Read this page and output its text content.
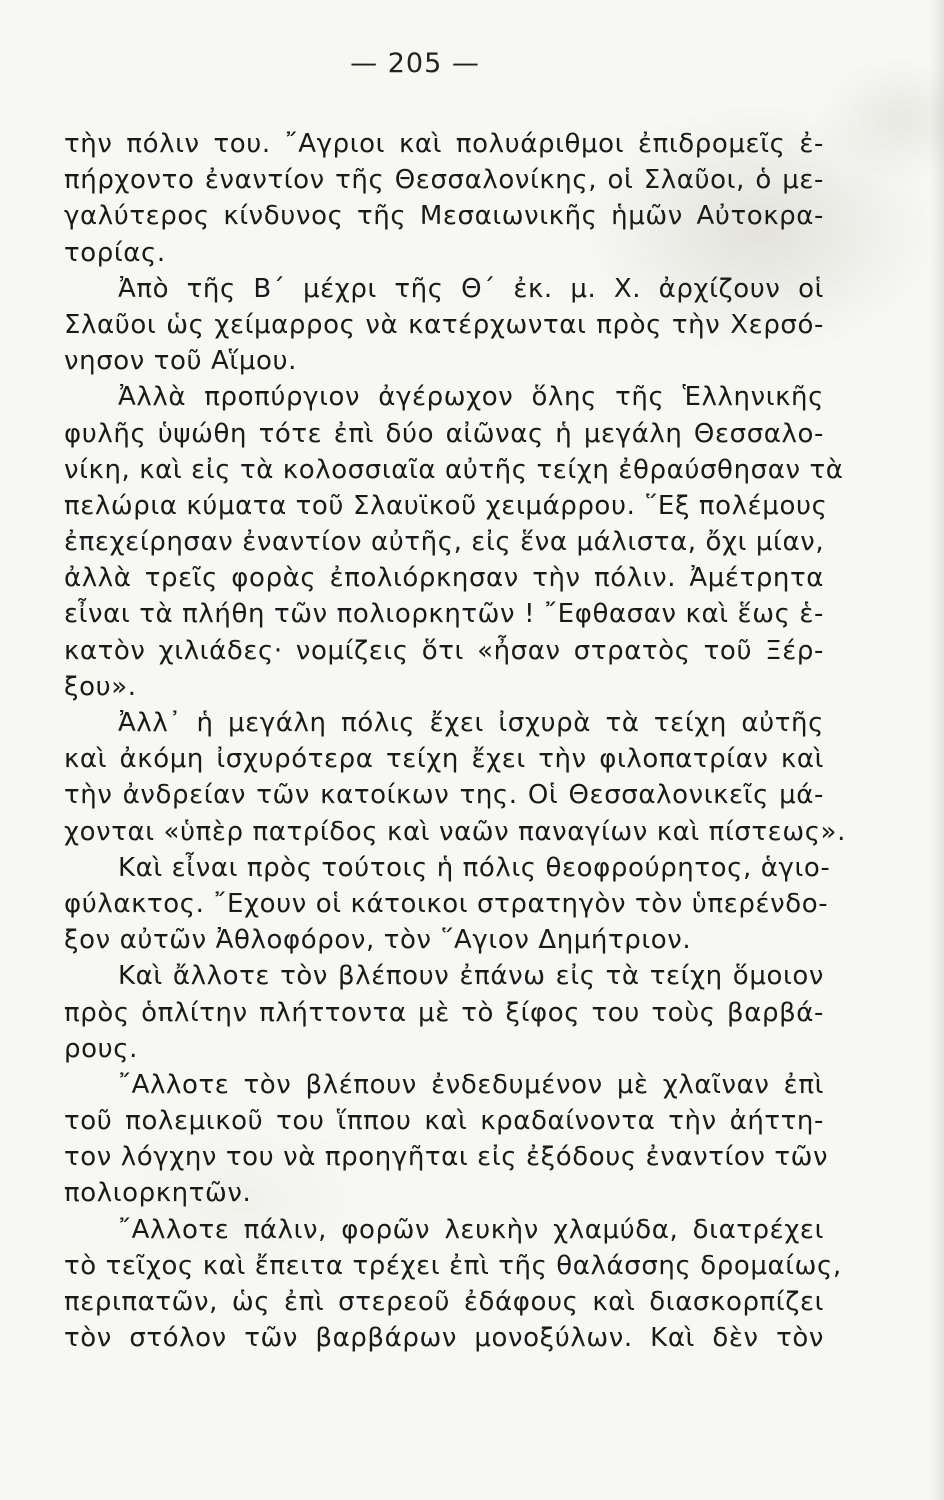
— 205 —
τὴν πόλιν του. ῎Αγριοι καὶ πολυάριθμοι ἐπιδρομεῖς ἐ-
πήρχοντο ἐναντίον τῆς Θεσσαλονίκης, οἱ Σλαῦοι, ὁ με-
γαλύτερος κίνδυνος τῆς Μεσαιωνικῆς ἡμῶν Αὐτοκρα-
τορίας.
Ἀπὸ τῆς Β΄ μέχρι τῆς Θ΄ ἐκ. μ. Χ. ἀρχίζουν οἱ
Σλαῦοι ὡς χείμαρρος νὰ κατέρχωνται πρὸς τὴν Χερσό-
νησον τοῦ Αἵμου.
Ἀλλὰ προπύργιον ἀγέρωχον ὅλης τῆς Ἑλληνικῆς
φυλῆς ὑψώθη τότε ἐπὶ δύο αἰῶνας ἡ μεγάλη Θεσσαλο-
νίκη, καὶ εἰς τὰ κολοσσιαῖα αὐτῆς τείχη ἐθραύσθησαν τὰ
πελώρια κύματα τοῦ Σλαυϊκοῦ χειμάρρου. ῞Εξ πολέμους
ἐπεχείρησαν ἐναντίον αὐτῆς, εἰς ἕνα μάλιστα, ὄχι μίαν,
ἀλλὰ τρεῖς φορὰς ἐπολιόρκησαν τὴν πόλιν. Ἀμέτρητα
εἶναι τὰ πλήθη τῶν πολιορκητῶν ! ῎Εφθασαν καὶ ἕως ἑ-
κατὸν χιλιάδες· νομίζεις ὅτι «ἦσαν στρατὸς τοῦ Ξέρ-
ξου».
Ἀλλ᾽ ἡ μεγάλη πόλις ἔχει ἰσχυρὰ τὰ τείχη αὐτῆς
καὶ ἀκόμη ἰσχυρότερα τείχη ἔχει τὴν φιλοπατρίαν καὶ
τὴν ἀνδρείαν τῶν κατοίκων της. Οἱ Θεσσαλονικεῖς μά-
χονται «ὑπὲρ πατρίδος καὶ ναῶν παναγίων καὶ πίστεως».
Καὶ εἶναι πρὸς τούτοις ἡ πόλις θεοφρούρητος, ἁγιο-
φύλακτος. ῎Εχουν οἱ κάτοικοι στρατηγὸν τὸν ὑπερένδο-
ξον αὐτῶν Ἀθλοφόρον, τὸν ῞Αγιον Δημήτριον.
Καὶ ἄλλοτε τὸν βλέπουν ἐπάνω εἰς τὰ τείχη ὅμοιον
πρὸς ὁπλίτην πλήττοντα μὲ τὸ ξίφος του τοὺς βαρβά-
ρους.
῎Αλλοτε τὸν βλέπουν ἐνδεδυμένον μὲ χλαῖναν ἐπὶ
τοῦ πολεμικοῦ του ἵππου καὶ κραδαίνοντα τὴν ἀήττη-
τον λόγχην του νὰ προηγῆται εἰς ἐξόδους ἐναντίον τῶν
πολιορκητῶν.
῎Αλλοτε πάλιν, φορῶν λευκὴν χλαμύδα, διατρέχει
τὸ τεῖχος καὶ ἔπειτα τρέχει ἐπὶ τῆς θαλάσσης δρομαίως,
περιπατῶν, ὡς ἐπὶ στερεοῦ ἐδάφους καὶ διασκορπίζει
τὸν στόλον τῶν βαρβάρων μονοξύλων. Καὶ δὲν τὸν
